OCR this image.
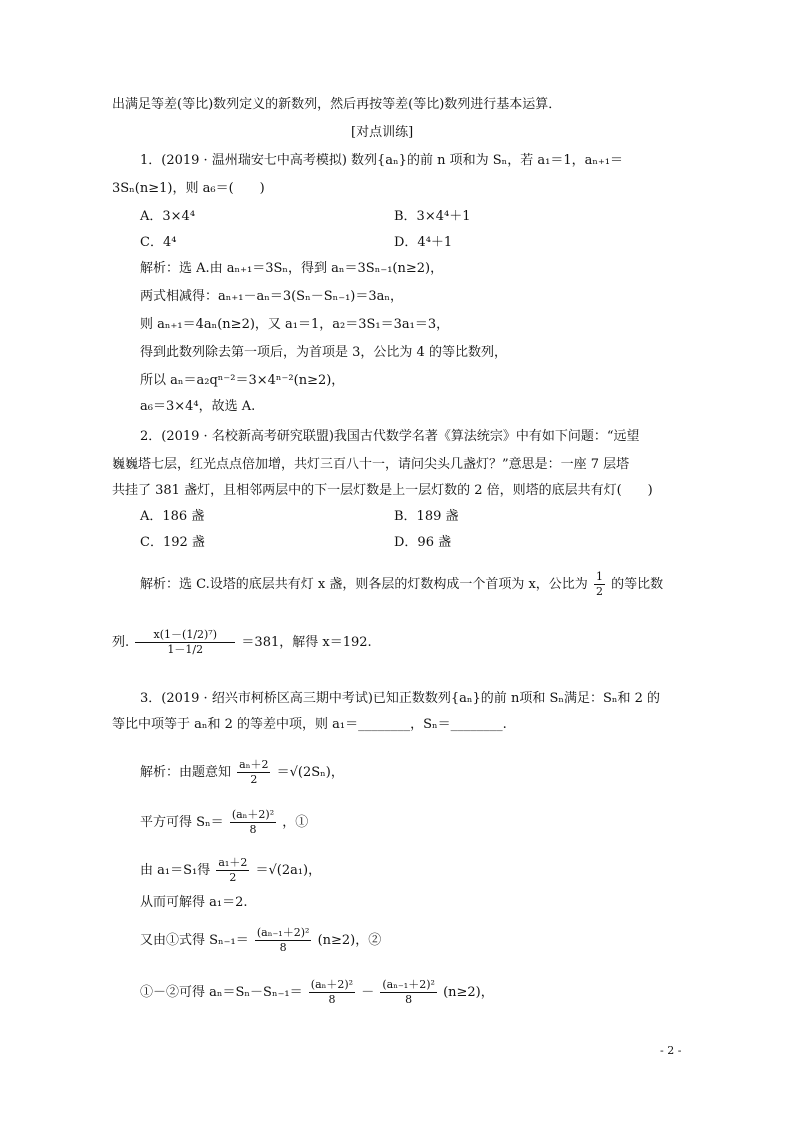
出满足等差(等比)数列定义的新数列，然后再按等差(等比)数列进行基本运算．
[对点训练]
1．(2019 · 温州瑞安七中高考模拟) 数列{aₙ}的前 n 项和为 Sₙ，若 a₁＝1，aₙ₊₁＝
3Sₙ(n≥1)，则 a₆＝(　　)
A．3×4⁴	B．3×4⁴＋1
C．4⁴	D．4⁴＋1
解析：选 A.由 aₙ₊₁＝3Sₙ，得到 aₙ＝3Sₙ₋₁(n≥2)，
两式相减得：aₙ₊₁－aₙ＝3(Sₙ－Sₙ₋₁)＝3aₙ，
则 aₙ₊₁＝4aₙ(n≥2)，又 a₁＝1，a₂＝3S₁＝3a₁＝3，
得到此数列除去第一项后，为首项是 3，公比为 4 的等比数列，
所以 aₙ＝a₂qⁿ⁻²＝3×4ⁿ⁻²(n≥2)，
a₆＝3×4⁴，故选 A.
2．(2019 · 名校新高考研究联盟)我国古代数学名著《算法统宗》中有如下问题：“远望
巍巍塔七层，红光点点倍加增，共灯三百八十一，请问尖头几盏灯？”意思是：一座 7 层塔
共挂了 381 盏灯，且相邻两层中的下一层灯数是上一层灯数的 2 倍，则塔的底层共有灯(　　)
A．186 盏	B．189 盏
C．192 盏	D．96 盏
解析：选 C.设塔的底层共有灯 x 盏，则各层的灯数构成一个首项为 x，公比为 $\frac{1}{2}$ 的等比数
列. $\frac{\text{x(1－(1/2)⁷)}}{1-1/2} =381$，解得 x＝192.
3．(2019 · 绍兴市柯桥区高三期中考试)已知正数数列{aₙ}的前 n项和 Sₙ满足：Sₙ和 2 的
等比中项等于 aₙ和 2 的等差中项，则 a₁＝________，Sₙ＝________.
解析：由题意知 $\frac{\text{aₙ＋2}}{2} =√(2S_n)$，
平方可得 $S_n= \frac{\text{(aₙ＋2)²}}{8}$ ，①
由 a₁＝S₁得 $\frac{\text{a₁＋2}}{2} =√(2a_1)$，
从而可解得 a₁＝2.
又由①式得 $S_{n-1}= \frac{\text{(aₙ₋₁＋2)²}}{8} (n\ge 2)$，②
①－②可得 $a_n=S_n-S_{n-1}= \frac{\text{(aₙ＋2)²}}{8} - \frac{\text{(aₙ₋₁＋2)²}}{8} (n\ge 2)$，
- 2 -
